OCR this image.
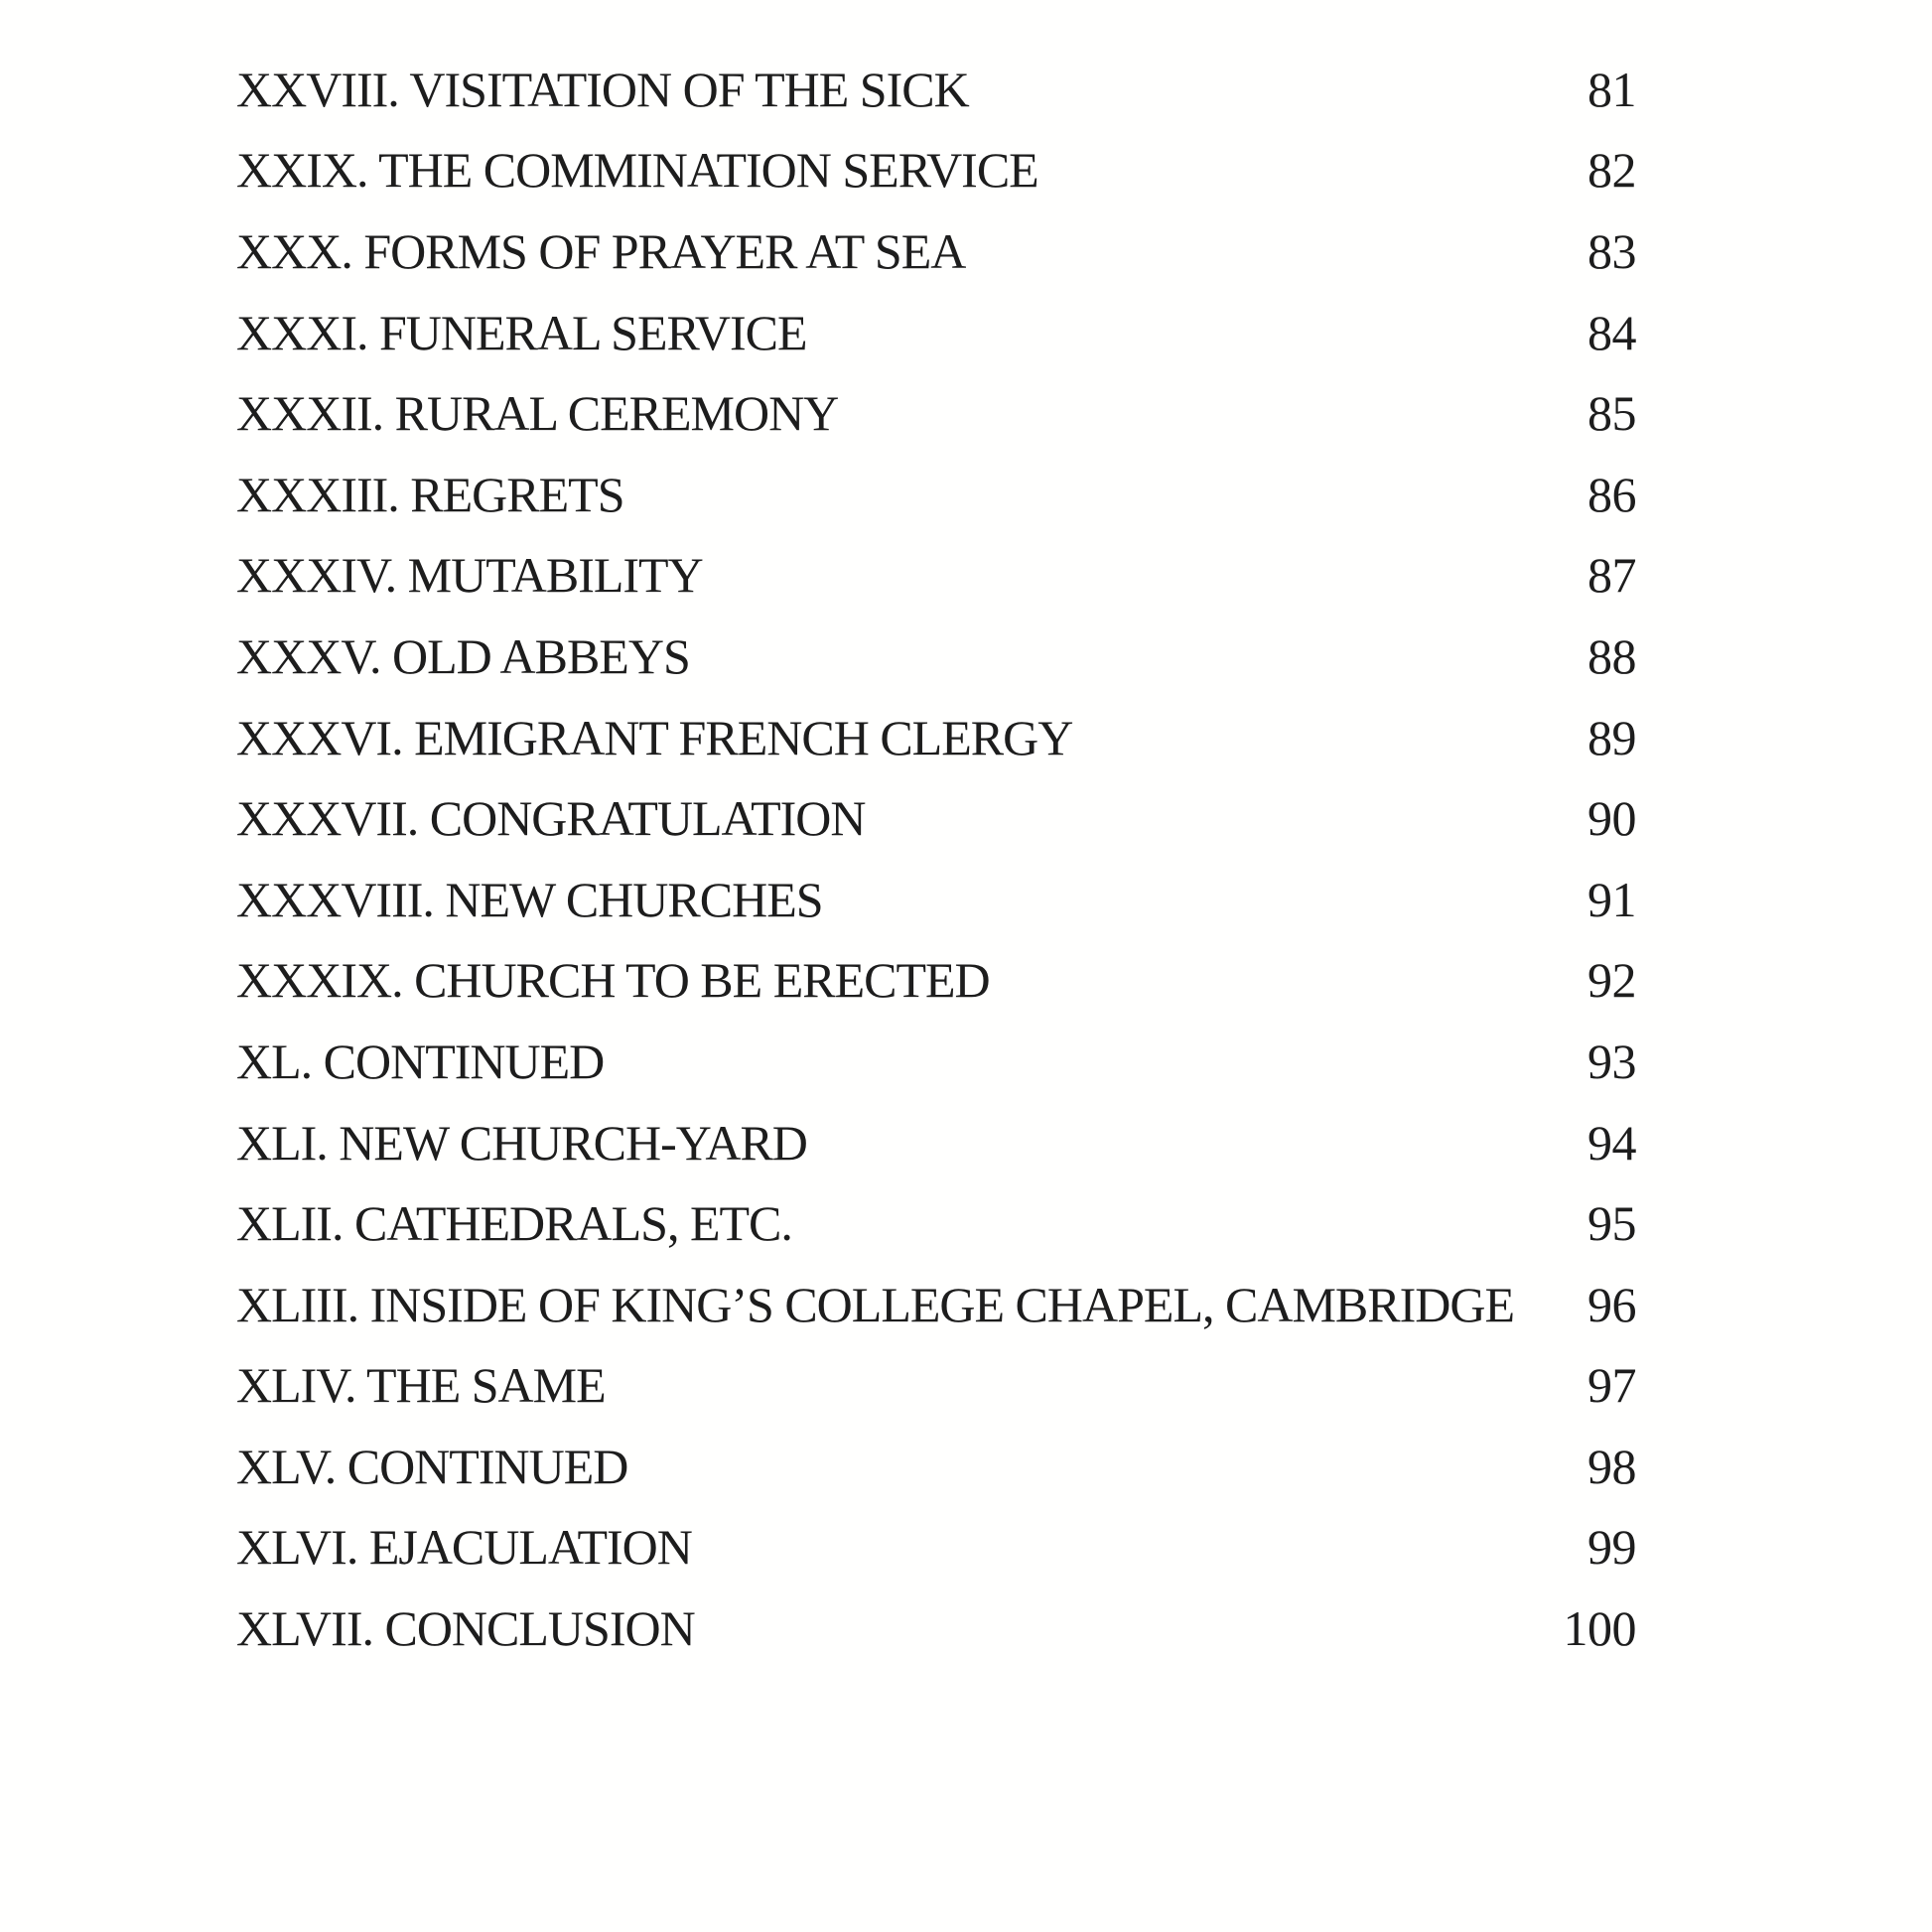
XXVIII. VISITATION OF THE SICK	81
XXIX. THE COMMINATION SERVICE	82
XXX. FORMS OF PRAYER AT SEA	83
XXXI. FUNERAL SERVICE	84
XXXII. RURAL CEREMONY	85
XXXIII. REGRETS	86
XXXIV. MUTABILITY	87
XXXV. OLD ABBEYS	88
XXXVI. EMIGRANT FRENCH CLERGY	89
XXXVII. CONGRATULATION	90
XXXVIII. NEW CHURCHES	91
XXXIX. CHURCH TO BE ERECTED	92
XL. CONTINUED	93
XLI. NEW CHURCH-YARD	94
XLII. CATHEDRALS, ETC.	95
XLIII. INSIDE OF KING’S COLLEGE CHAPEL, CAMBRIDGE 96
XLIV. THE SAME	97
XLV. CONTINUED	98
XLVI. EJACULATION	99
XLVII. CONCLUSION	100
